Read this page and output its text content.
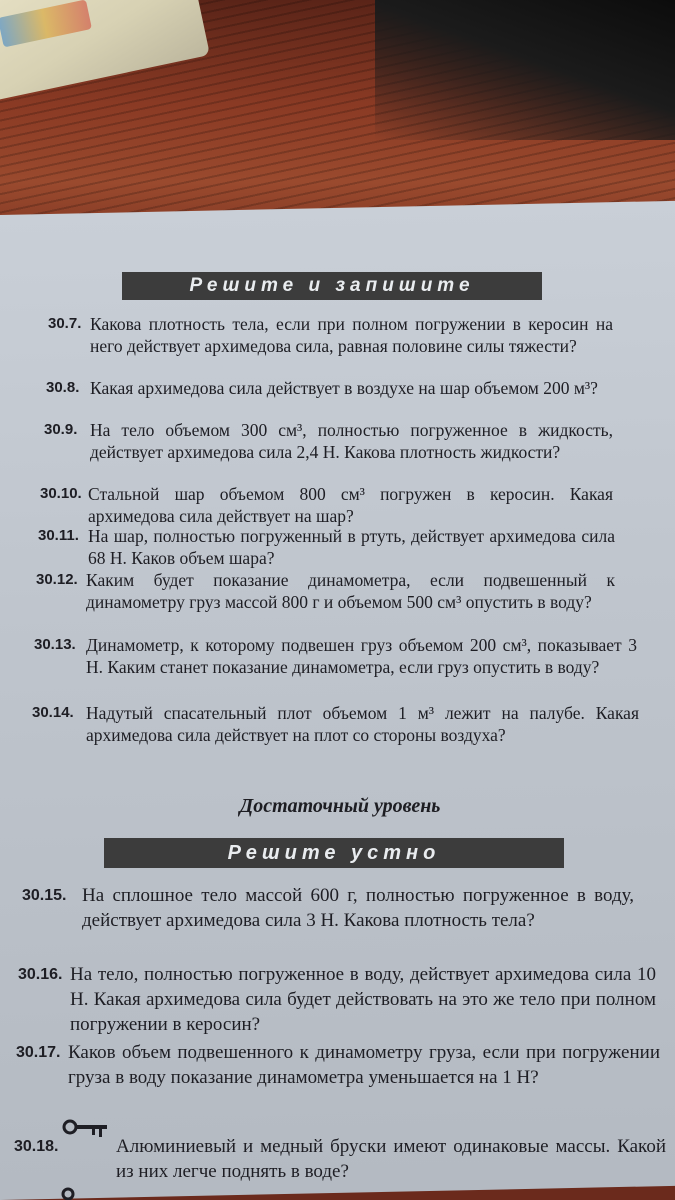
Решите и запишите
30.7. Какова плотность тела, если при полном погружении в керосин на него действует архимедова сила, равная половине силы тяжести?
30.8. Какая архимедова сила действует в воздухе на шар объемом 200 м³?
30.9. На тело объемом 300 см³, полностью погруженное в жидкость, действует архимедова сила 2,4 Н. Какова плотность жидкости?
30.10. Стальной шар объемом 800 см³ погружен в керосин. Какая архимедова сила действует на шар?
30.11. На шар, полностью погруженный в ртуть, действует архимедова сила 68 Н. Каков объем шара?
30.12. Каким будет показание динамометра, если подвешенный к динамометру груз массой 800 г и объемом 500 см³ опустить в воду?
30.13. Динамометр, к которому подвешен груз объемом 200 см³, показывает 3 Н. Каким станет показание динамометра, если груз опустить в воду?
30.14. Надутый спасательный плот объемом 1 м³ лежит на палубе. Какая архимедова сила действует на плот со стороны воздуха?
Достаточный уровень
Решите устно
30.15. На сплошное тело массой 600 г, полностью погруженное в воду, действует архимедова сила 3 Н. Какова плотность тела?
30.16. На тело, полностью погруженное в воду, действует архимедова сила 10 Н. Какая архимедова сила будет действовать на это же тело при полном погружении в керосин?
30.17. Каков объем подвешенного к динамометру груза, если при погружении груза в воду показание динамометра уменьшается на 1 Н?
30.18.	Алюминиевый и медный бруски имеют одинаковые массы. Какой из них легче поднять в воде?
